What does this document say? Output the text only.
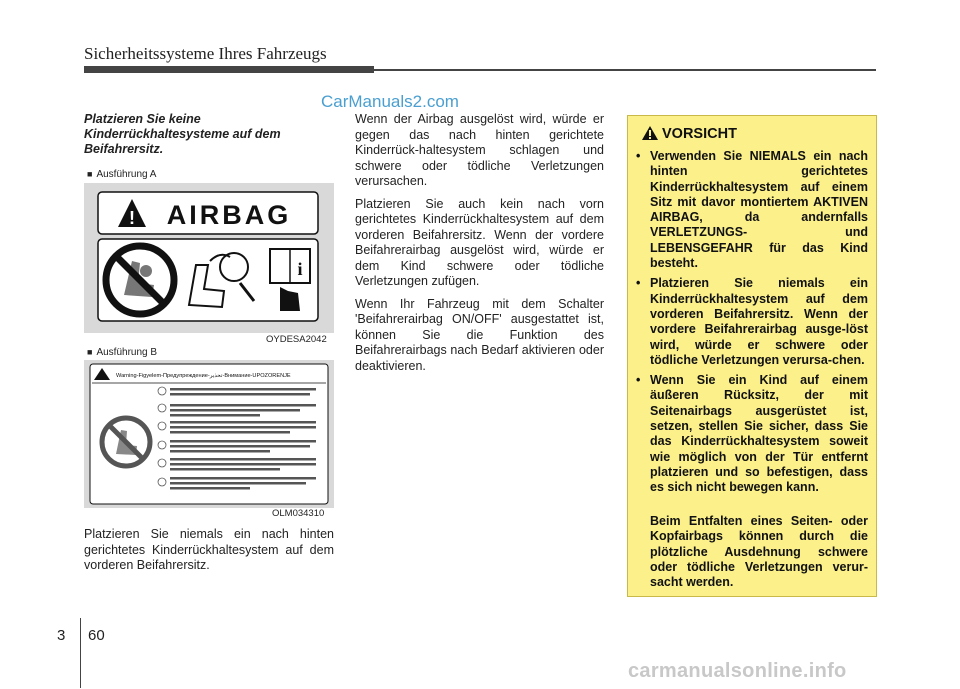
Sicherheitssysteme Ihres Fahrzeugs
CarManuals2.com
Platzieren Sie keine Kinderrückhaltesysteme auf dem Beifahrersitz.
■ Ausführung A
! AIRBAG
i
OYDESA2042
■ Ausführung B
Warning-Figyelem-Предупреждение-تحذير-Внимание-UPOZORENJE
OLM034310
Platzieren Sie niemals ein nach hinten gerichtetes Kinderrückhaltesystem auf dem vorderen Beifahrersitz.

Wenn der Airbag ausgelöst wird, würde er gegen das nach hinten gerichtete Kinderrück-haltesystem schlagen und schwere oder tödliche Verletzungen verursachen.

Platzieren Sie auch kein nach vorn gerichtetes Kinderrückhaltesystem auf dem vorderen Beifahrersitz. Wenn der vordere Beifahrerairbag ausgelöst wird, würde er dem Kind schwere oder tödliche Verletzungen zufügen.

Wenn Ihr Fahrzeug mit dem Schalter 'Beifahrerairbag ON/OFF' ausgestattet ist, können Sie die Funktion des Beifahrerairbags nach Bedarf aktivieren oder deaktivieren.

VORSICHT
• Verwenden Sie NIEMALS ein nach hinten gerichtetes Kinderrückhaltesystem auf einem Sitz mit davor montiertem AKTIVEN AIRBAG, da andernfalls VERLETZUNGS- und LEBENSGEFAHR für das Kind besteht.
• Platzieren Sie niemals ein Kinderrückhaltesystem auf dem vorderen Beifahrersitz. Wenn der vordere Beifahrerairbag ausge-löst wird, würde er schwere oder tödliche Verletzungen verursa-chen.
• Wenn Sie ein Kind auf einem äußeren Rücksitz, der mit Seitenairbags ausgerüstet ist, setzen, stellen Sie sicher, dass Sie das Kinderrückhaltesystem soweit wie möglich von der Tür entfernt platzieren und so befestigen, dass es sich nicht bewegen kann.
Beim Entfalten eines Seiten- oder Kopfairbags können durch die plötzliche Ausdehnung schwere oder tödliche Verletzungen verur-sacht werden.
3 60
carmanualsonline.info
